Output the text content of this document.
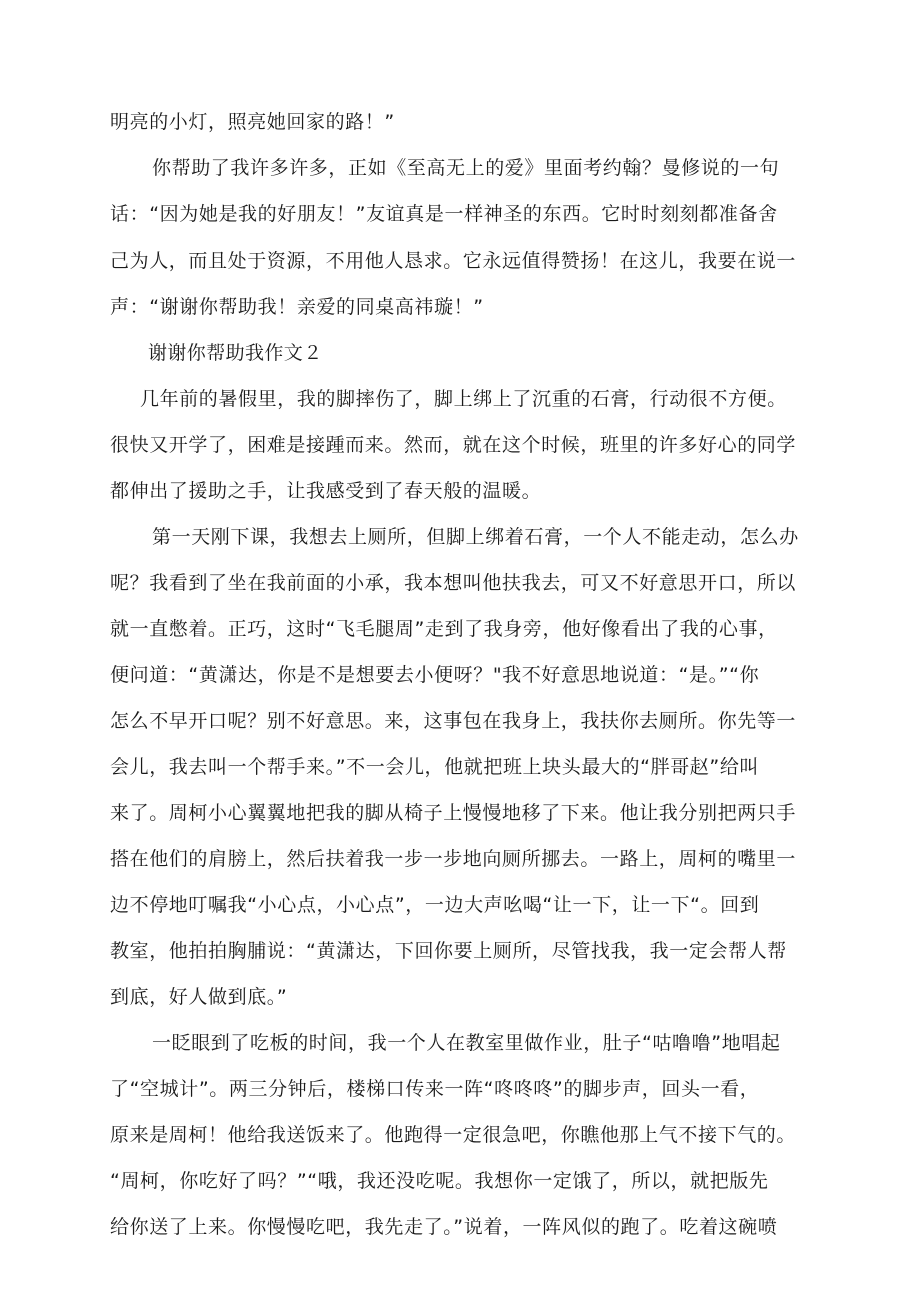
明亮的小灯，照亮她回家的路！”
你帮助了我许多许多，正如《至高无上的爱》里面考约翰？曼修说的一句
话：“因为她是我的好朋友！”友谊真是一样神圣的东西。它时时刻刻都准备舍
己为人，而且处于资源，不用他人恳求。它永远值得赞扬！在这儿，我要在说一
声：“谢谢你帮助我！亲爱的同桌高祎璇！”
谢谢你帮助我作文２
几年前的暑假里，我的脚摔伤了，脚上绑上了沉重的石膏，行动很不方便。
很快又开学了，困难是接踵而来。然而，就在这个时候，班里的许多好心的同学
都伸出了援助之手，让我感受到了春天般的温暖。
第一天刚下课，我想去上厕所，但脚上绑着石膏，一个人不能走动，怎么办
呢？我看到了坐在我前面的小承，我本想叫他扶我去，可又不好意思开口，所以
就一直憋着。正巧，这时“飞毛腿周”走到了我身旁，他好像看出了我的心事，
便问道：“黄潇达，你是不是想要去小便呀？"我不好意思地说道：“是。”“你
怎么不早开口呢？别不好意思。来，这事包在我身上，我扶你去厕所。你先等一
会儿，我去叫一个帮手来。”不一会儿，他就把班上块头最大的“胖哥赵”给叫
来了。周柯小心翼翼地把我的脚从椅子上慢慢地移了下来。他让我分别把两只手
搭在他们的肩膀上，然后扶着我一步一步地向厕所挪去。一路上，周柯的嘴里一
边不停地叮嘱我“小心点，小心点”，一边大声吆喝“让一下，让一下“。回到
教室，他拍拍胸脯说：“黄潇达，下回你要上厕所，尽管找我，我一定会帮人帮
到底，好人做到底。”
一眨眼到了吃板的时间，我一个人在教室里做作业，肚子“咕噜噜”地唱起
了“空城计”。两三分钟后，楼梯口传来一阵“咚咚咚”的脚步声，回头一看，
原来是周柯！他给我送饭来了。他跑得一定很急吧，你瞧他那上气不接下气的。
“周柯，你吃好了吗？”“哦，我还没吃呢。我想你一定饿了，所以，就把版先
给你送了上来。你慢慢吃吧，我先走了。”说着，一阵风似的跑了。吃着这碗喷
